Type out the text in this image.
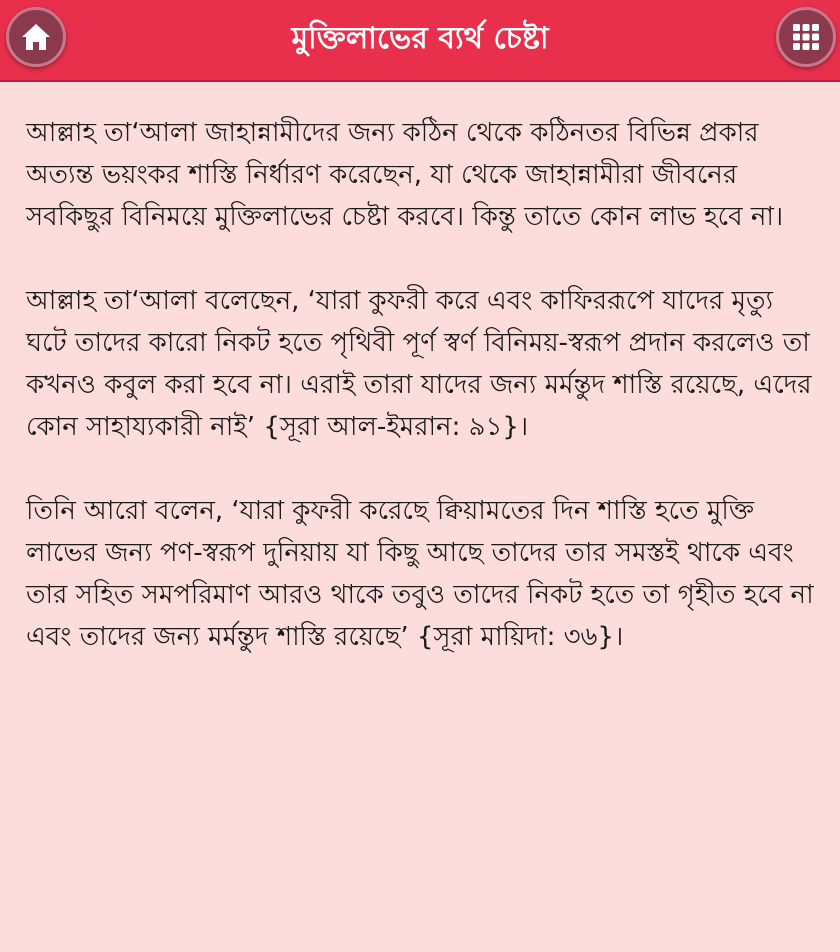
মুক্তিলাভের ব্যর্থ চেষ্টা

আল্লাহ তা‘আলা জাহান্নামীদের জন্য কঠিন থেকে কঠিনতর বিভিন্ন প্রকার অত্যন্ত ভয়ংকর শাস্তি নির্ধারণ করেছেন, যা থেকে জাহান্নামীরা জীবনের সবকিছুর বিনিময়ে মুক্তিলাভের চেষ্টা করবে। কিন্তু তাতে কোন লাভ হবে না।

আল্লাহ তা‘আলা বলেছেন, ‘যারা কুফরী করে এবং কাফিররূপে যাদের মৃত্যু ঘটে তাদের কারো নিকট হতে পৃথিবী পূর্ণ স্বর্ণ বিনিময়-স্বরূপ প্রদান করলেও তা কখনও কবুল করা হবে না। এরাই তারা যাদের জন্য মর্মন্তুদ শাস্তি রয়েছে, এদের কোন সাহায্যকারী নাই’ {সূরা আল-ইমরান: ৯১}।

তিনি আরো বলেন, ‘যারা কুফরী করেছে ক্বিয়ামতের দিন শাস্তি হতে মুক্তি লাভের জন্য পণ-স্বরূপ দুনিয়ায় যা কিছু আছে তাদের তার সমস্তই থাকে এবং তার সহিত সমপরিমাণ আরও থাকে তবুও তাদের নিকট হতে তা গৃহীত হবে না এবং তাদের জন্য মর্মন্তুদ শাস্তি রয়েছে’ {সূরা মায়িদা: ৩৬}।
